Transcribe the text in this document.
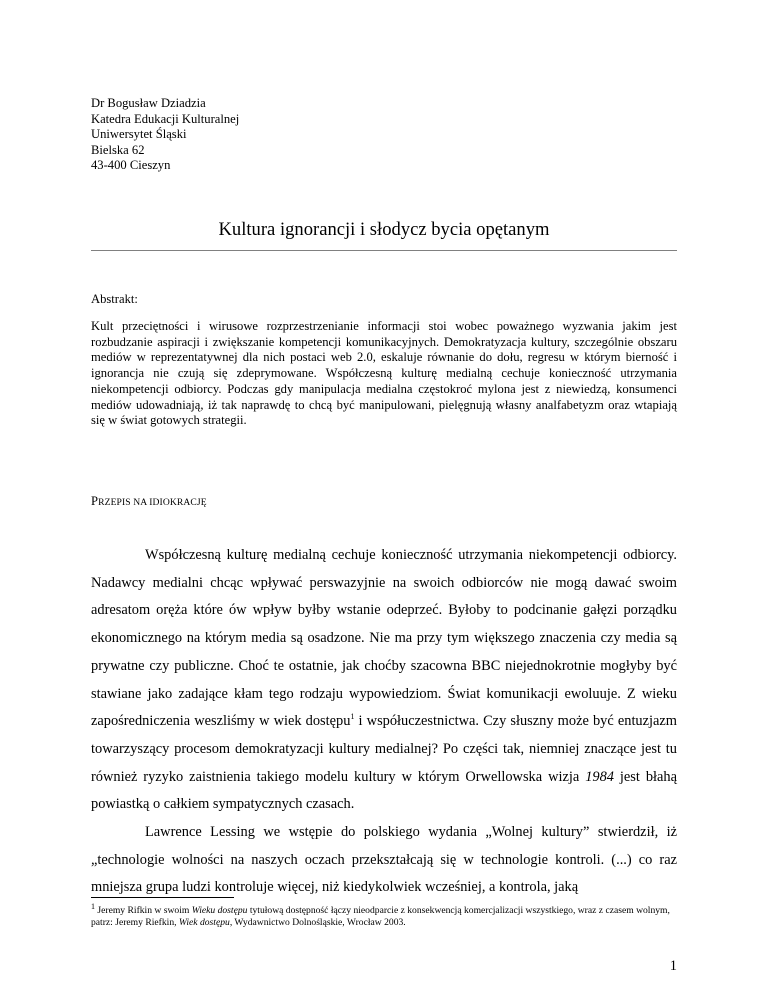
Dr Bogusław Dziadzia
Katedra Edukacji Kulturalnej
Uniwersytet Śląski
Bielska 62
43-400 Cieszyn
Kultura ignorancji i słodycz bycia opętanym
Abstrakt:
Kult przeciętności i wirusowe rozprzestrzenianie informacji stoi wobec poważnego wyzwania jakim jest rozbudzanie aspiracji i zwiększanie kompetencji komunikacyjnych. Demokratyzacja kultury, szczególnie obszaru mediów w reprezentatywnej dla nich postaci web 2.0, eskaluje równanie do dołu, regresu w którym bierność i ignorancja nie czują się zdeprymowane. Współczesną kulturę medialną cechuje konieczność utrzymania niekompetencji odbiorcy. Podczas gdy manipulacja medialna częstokroć mylona jest z niewiedzą, konsumenci mediów udowadniają, iż tak naprawdę to chcą być manipulowani, pielęgnują własny analfabetyzm oraz wtapiają się w świat gotowych strategii.
PRZEPIS NA IDIOKRACJĘ

Współczesną kulturę medialną cechuje konieczność utrzymania niekompetencji odbiorcy. Nadawcy medialni chcąc wpływać perswazyjnie na swoich odbiorców nie mogą dawać swoim adresatom oręża które ów wpływ byłby wstanie odeprzeć. Byłoby to podcinanie gałęzi porządku ekonomicznego na którym media są osadzone. Nie ma przy tym większego znaczenia czy media są prywatne czy publiczne. Choć te ostatnie, jak choćby szacowna BBC niejednokrotnie mogłyby być stawiane jako zadające kłam tego rodzaju wypowiedziom. Świat komunikacji ewoluuje. Z wieku zapośredniczenia weszliśmy w wiek dostępu$^1$ i współuczestnictwa. Czy słuszny może być entuzjazm towarzyszący procesom demokratyzacji kultury medialnej? Po części tak, niemniej znaczące jest tu również ryzyko zaistnienia takiego modelu kultury w którym Orwellowska wizja 1984 jest błahą powiastką o całkiem sympatycznych czasach.

Lawrence Lessing we wstępie do polskiego wydania „Wolnej kultury” stwierdził, iż „technologie wolności na naszych oczach przekształcają się w technologie kontroli. (...) co raz mniejsza grupa ludzi kontroluje więcej, niż kiedykolwiek wcześniej, a kontrola, jaką

$^1$ Jeremy Rifkin w swoim Wieku dostępu tytułową dostępność łączy nieodparcie z konsekwencją komercjalizacji wszystkiego, wraz z czasem wolnym, patrz: Jeremy Riefkin, Wiek dostępu, Wydawnictwo Dolnośląskie, Wrocław 2003.
1
